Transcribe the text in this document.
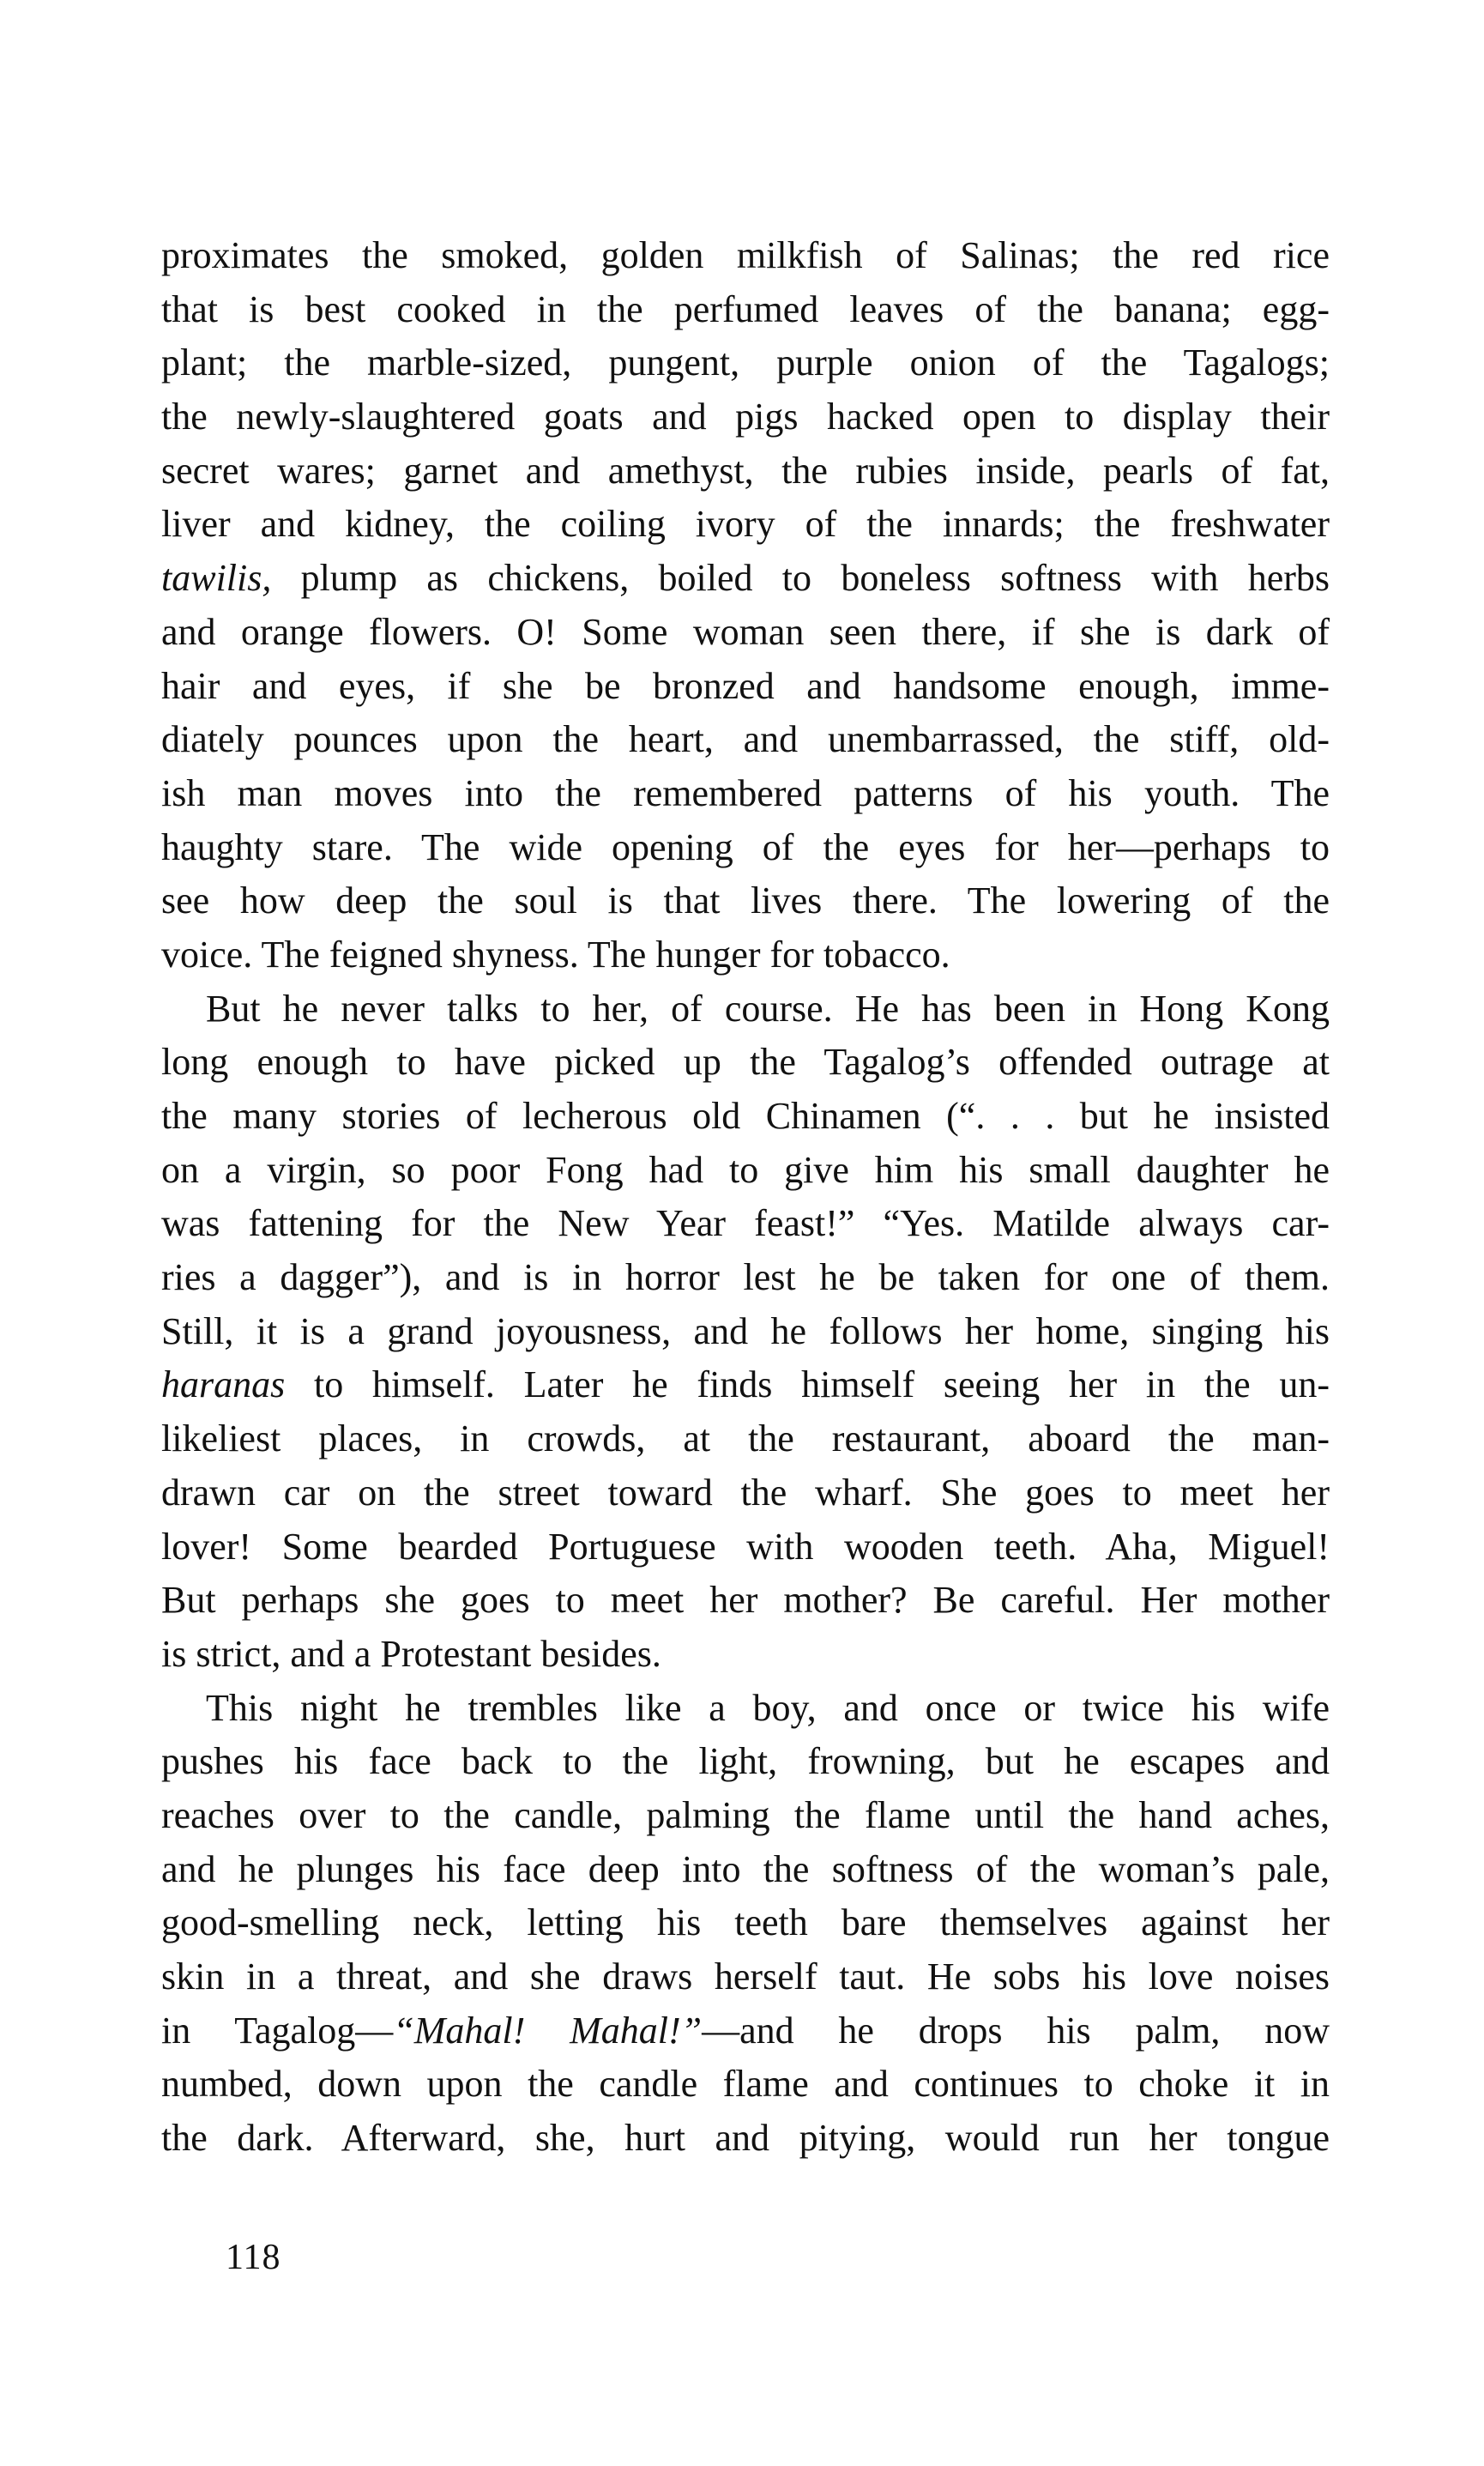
proximates the smoked, golden milkfish of Salinas; the red rice
that is best cooked in the perfumed leaves of the banana; egg-
plant; the marble-sized, pungent, purple onion of the Tagalogs;
the newly-slaughtered goats and pigs hacked open to display their
secret wares; garnet and amethyst, the rubies inside, pearls of fat,
liver and kidney, the coiling ivory of the innards; the freshwater
tawilis, plump as chickens, boiled to boneless softness with herbs
and orange flowers. O! Some woman seen there, if she is dark of
hair and eyes, if she be bronzed and handsome enough, imme-
diately pounces upon the heart, and unembarrassed, the stiff, old-
ish man moves into the remembered patterns of his youth. The
haughty stare. The wide opening of the eyes for her—perhaps to
see how deep the soul is that lives there. The lowering of the
voice. The feigned shyness. The hunger for tobacco.
But he never talks to her, of course. He has been in Hong Kong
long enough to have picked up the Tagalog’s offended outrage at
the many stories of lecherous old Chinamen (“. . . but he insisted
on a virgin, so poor Fong had to give him his small daughter he
was fattening for the New Year feast!” “Yes. Matilde always car-
ries a dagger”), and is in horror lest he be taken for one of them.
Still, it is a grand joyousness, and he follows her home, singing his
haranas to himself. Later he finds himself seeing her in the un-
likeliest places, in crowds, at the restaurant, aboard the man-
drawn car on the street toward the wharf. She goes to meet her
lover! Some bearded Portuguese with wooden teeth. Aha, Miguel!
But perhaps she goes to meet her mother? Be careful. Her mother
is strict, and a Protestant besides.
This night he trembles like a boy, and once or twice his wife
pushes his face back to the light, frowning, but he escapes and
reaches over to the candle, palming the flame until the hand aches,
and he plunges his face deep into the softness of the woman’s pale,
good-smelling neck, letting his teeth bare themselves against her
skin in a threat, and she draws herself taut. He sobs his love noises
in Tagalog—“Mahal! Mahal!”—and he drops his palm, now
numbed, down upon the candle flame and continues to choke it in
the dark. Afterward, she, hurt and pitying, would run her tongue
118
